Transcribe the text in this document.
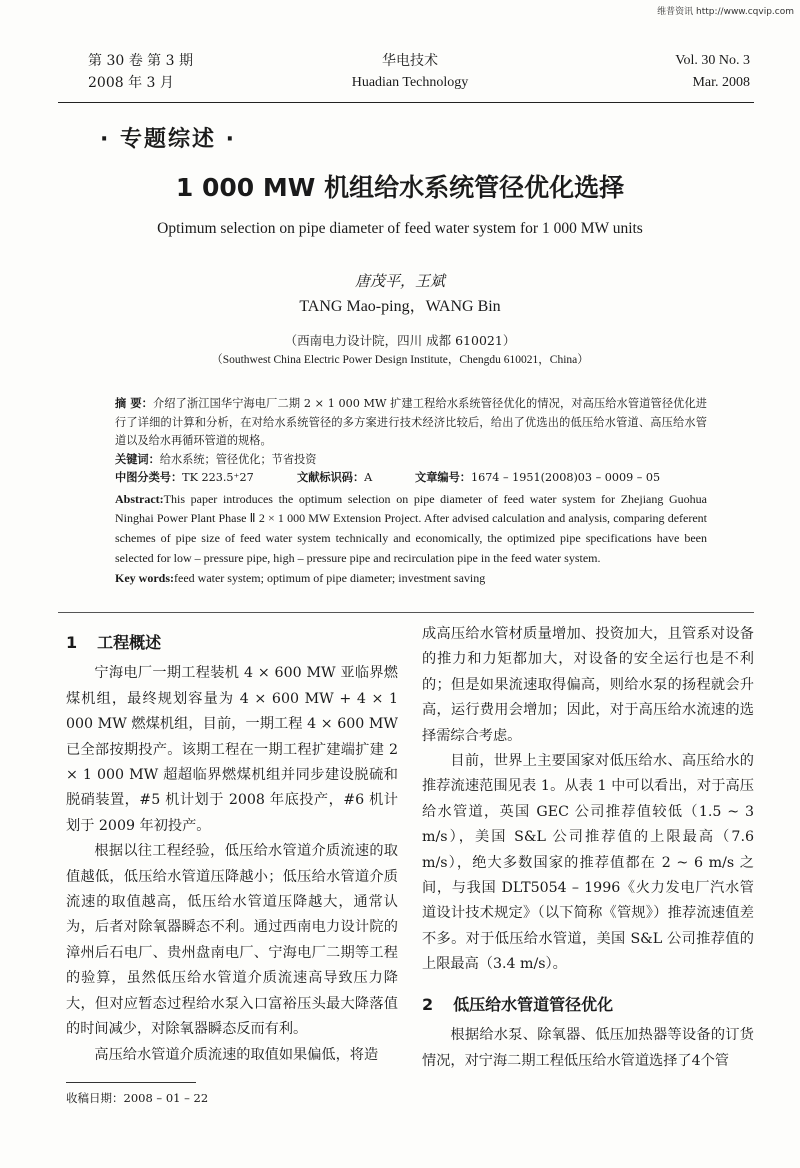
维普资讯 http://www.cqvip.com
第 30 卷 第 3 期
2008 年 3 月
华电技术
Huadian Technology
Vol. 30 No. 3
Mar. 2008
· 专题综述 ·
1 000 MW 机组给水系统管径优化选择
Optimum selection on pipe diameter of feed water system for 1 000 MW units
唐茂平，王斌
TANG Mao-ping，WANG Bin
（西南电力设计院，四川 成都 610021）
（Southwest China Electric Power Design Institute，Chengdu 610021，China）

摘 要：介绍了浙江国华宁海电厂二期 2 × 1 000 MW 扩建工程给水系统管径优化的情况，对高压给水管道管径优化进行了详细的计算和分析，在对给水系统管径的多方案进行技术经济比较后，给出了优选出的低压给水管道、高压给水管道以及给水再循环管道的规格。

关键词：给水系统；管径优化；节省投资

中图分类号：TK 223.5⁺27	文献标识码：A	文章编号：1674 – 1951(2008)03 – 0009 – 05

Abstract:This paper introduces the optimum selection on pipe diameter of feed water system for Zhejiang Guohua Ninghai Power Plant Phase Ⅱ 2 × 1 000 MW Extension Project. After advised calculation and analysis, comparing deferent schemes of pipe size of feed water system technically and economically, the optimized pipe specifications have been selected for low – pressure pipe, high – pressure pipe and recirculation pipe in the feed water system.

Key words:feed water system; optimum of pipe diameter; investment saving

1 工程概述

宁海电厂一期工程装机 4 × 600 MW 亚临界燃煤机组，最终规划容量为 4 × 600 MW + 4 × 1 000 MW 燃煤机组，目前，一期工程 4 × 600 MW 已全部按期投产。该期工程在一期工程扩建端扩建 2 × 1 000 MW 超超临界燃煤机组并同步建设脱硫和脱硝装置，#5 机计划于 2008 年底投产，#6 机计划于 2009 年初投产。

根据以往工程经验，低压给水管道介质流速的取值越低，低压给水管道压降越小；低压给水管道介质流速的取值越高，低压给水管道压降越大，通常认为，后者对除氧器瞬态不利。通过西南电力设计院的漳州后石电厂、贵州盘南电厂、宁海电厂二期等工程的验算，虽然低压给水管道介质流速高导致压力降大，但对应暂态过程给水泵入口富裕压头最大降落值的时间减少，对除氧器瞬态反而有利。

高压给水管道介质流速的取值如果偏低，将造

成高压给水管材质量增加、投资加大，且管系对设备的推力和力矩都加大，对设备的安全运行也是不利的；但是如果流速取得偏高，则给水泵的扬程就会升高，运行费用会增加；因此，对于高压给水流速的选择需综合考虑。

目前，世界上主要国家对低压给水、高压给水的推荐流速范围见表 1。从表 1 中可以看出，对于高压给水管道，英国 GEC 公司推荐值较低（1.5 ~ 3 m/s），美国 S&L 公司推荐值的上限最高（7.6 m/s），绝大多数国家的推荐值都在 2 ~ 6 m/s 之间，与我国 DLT5054 – 1996《火力发电厂汽水管道设计技术规定》（以下简称《管规》）推荐流速值差不多。对于低压给水管道，美国 S&L 公司推荐值的上限最高（3.4 m/s）。

2 低压给水管道管径优化

根据给水泵、除氧器、低压加热器等设备的订货情况，对宁海二期工程低压给水管道选择了4个管

收稿日期：2008 – 01 – 22
